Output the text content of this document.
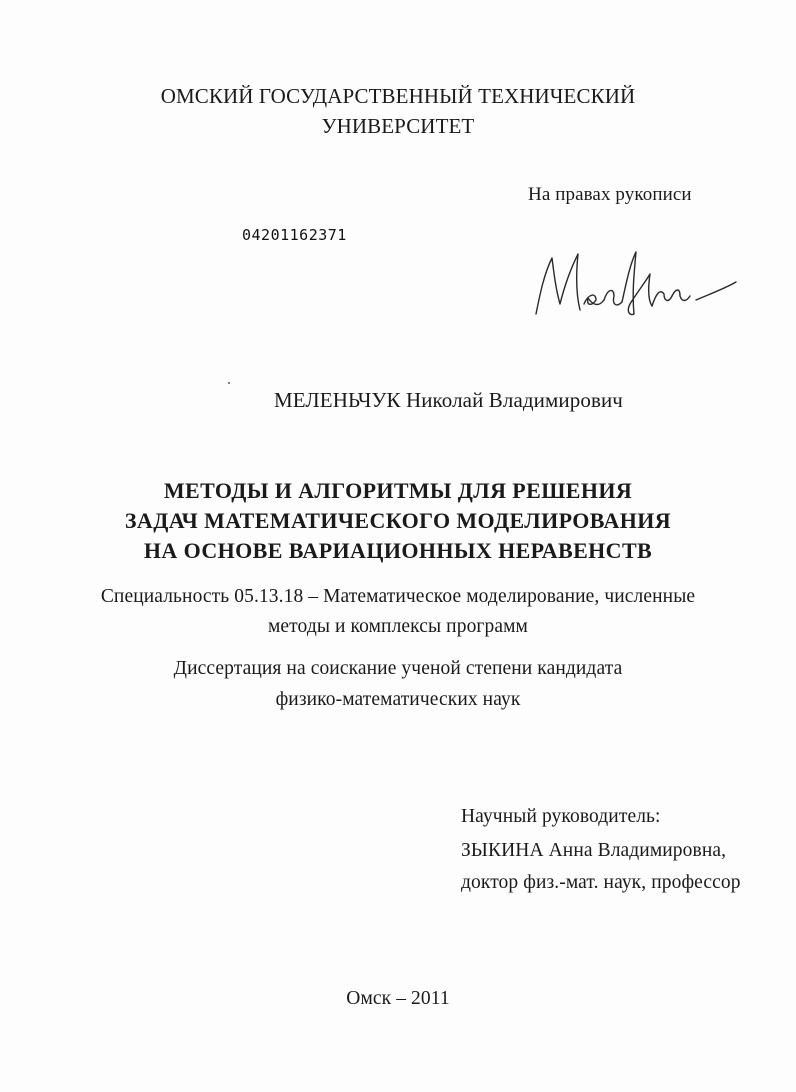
ОМСКИЙ ГОСУДАРСТВЕННЫЙ ТЕХНИЧЕСКИЙ
УНИВЕРСИТЕТ
На правах рукописи
04201162371
МЕЛЕНЬЧУК Николай Владимирович
МЕТОДЫ И АЛГОРИТМЫ ДЛЯ РЕШЕНИЯ
ЗАДАЧ МАТЕМАТИЧЕСКОГО МОДЕЛИРОВАНИЯ
НА ОСНОВЕ ВАРИАЦИОННЫХ НЕРАВЕНСТВ
Специальность 05.13.18 – Математическое моделирование, численные
методы и комплексы программ
Диссертация на соискание ученой степени кандидата
физико-математических наук
Научный руководитель:
ЗЫКИНА Анна Владимировна,
доктор физ.-мат. наук, профессор
Омск – 2011
